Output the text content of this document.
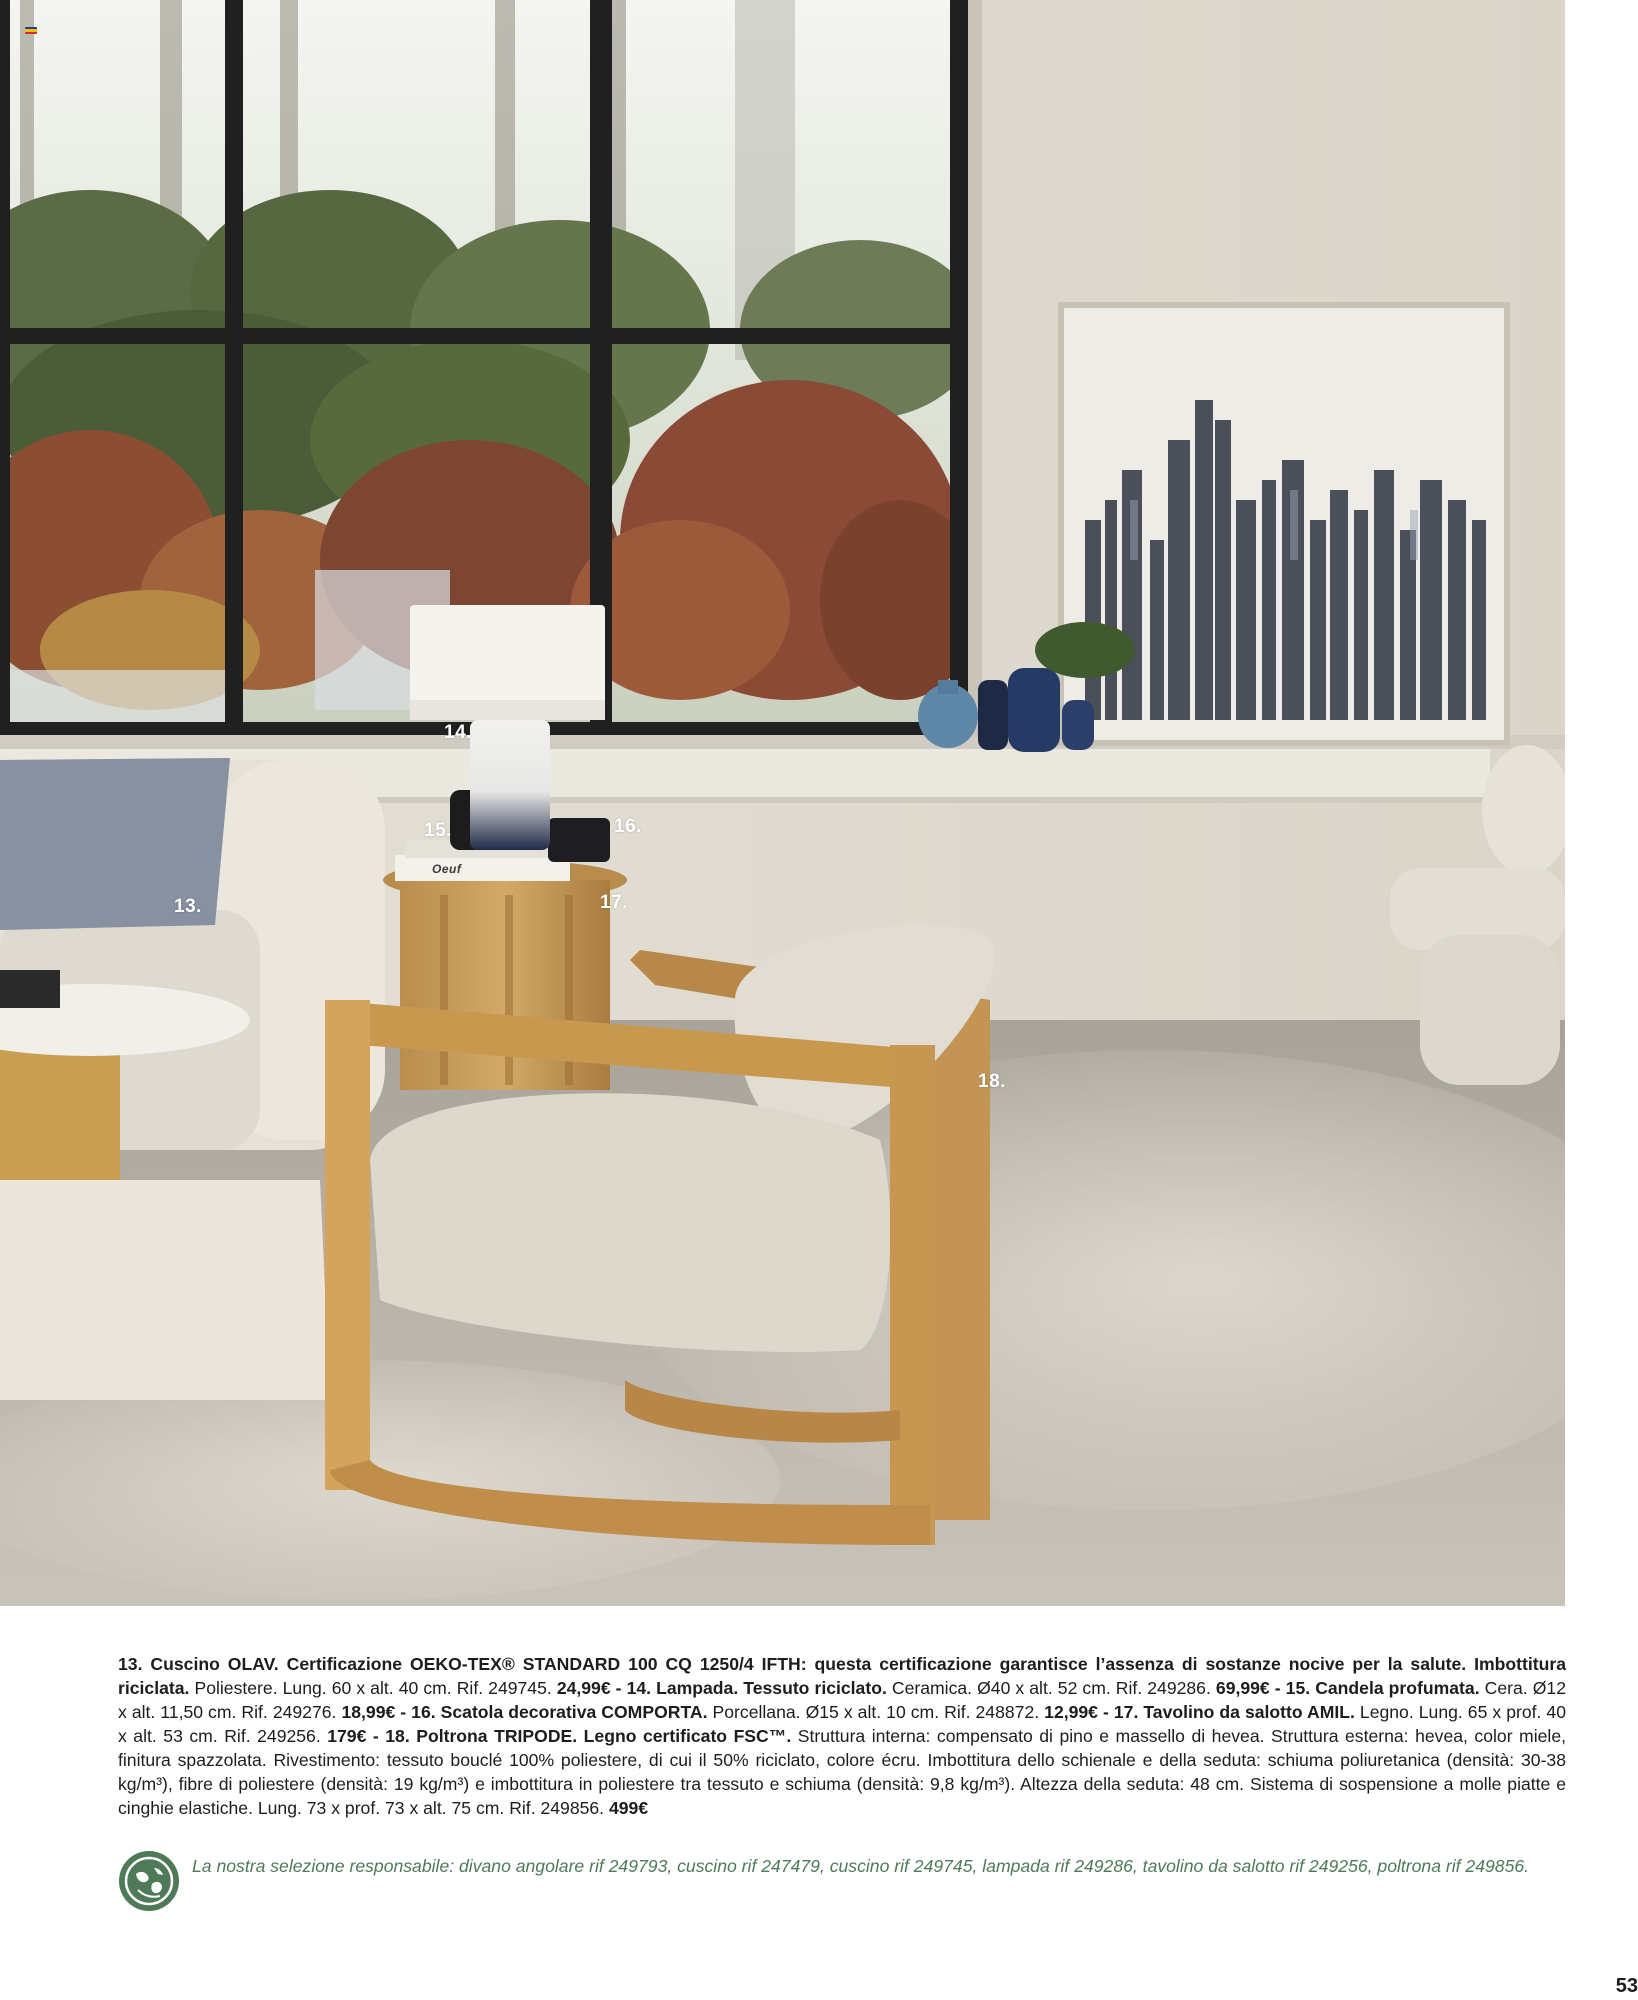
13.
14.
15.	16.
17.
18.
Oeuf
13. Cuscino OLAV. Certificazione OEKO-TEX® STANDARD 100 CQ 1250/4 IFTH: questa certificazione garantisce l’assenza di sostanze nocive per la salute. Imbottitura riciclata. Poliestere. Lung. 60 x alt. 40 cm. Rif. 249745. 24,99€ - 14. Lampada. Tessuto riciclato. Ceramica. Ø40 x alt. 52 cm. Rif. 249286. 69,99€ - 15. Candela profumata. Cera. Ø12 x alt. 11,50 cm. Rif. 249276. 18,99€ - 16. Scatola decorativa COMPORTA. Porcellana. Ø15 x alt. 10 cm. Rif. 248872. 12,99€ - 17. Tavolino da salotto AMIL. Legno. Lung. 65 x prof. 40 x alt. 53 cm. Rif. 249256. 179€ - 18. Poltrona TRIPODE. Legno certificato FSC™. Struttura interna: compensato di pino e massello di hevea. Struttura esterna: hevea, color miele, finitura spazzolata. Rivestimento: tessuto bouclé 100% poliestere, di cui il 50% riciclato, colore écru. Imbottitura dello schienale e della seduta: schiuma poliuretanica (densità: 30-38 kg/m³), fibre di poliestere (densità: 19 kg/m³) e imbottitura in poliestere tra tessuto e schiuma (densità: 9,8 kg/m³). Altezza della seduta: 48 cm. Sistema di sospensione a molle piatte e cinghie elastiche. Lung. 73 x prof. 73 x alt. 75 cm. Rif. 249856. 499€
La nostra selezione responsabile: divano angolare rif 249793, cuscino rif 247479, cuscino rif 249745, lampada rif 249286, tavolino da salotto rif 249256, poltrona rif 249856.
53
